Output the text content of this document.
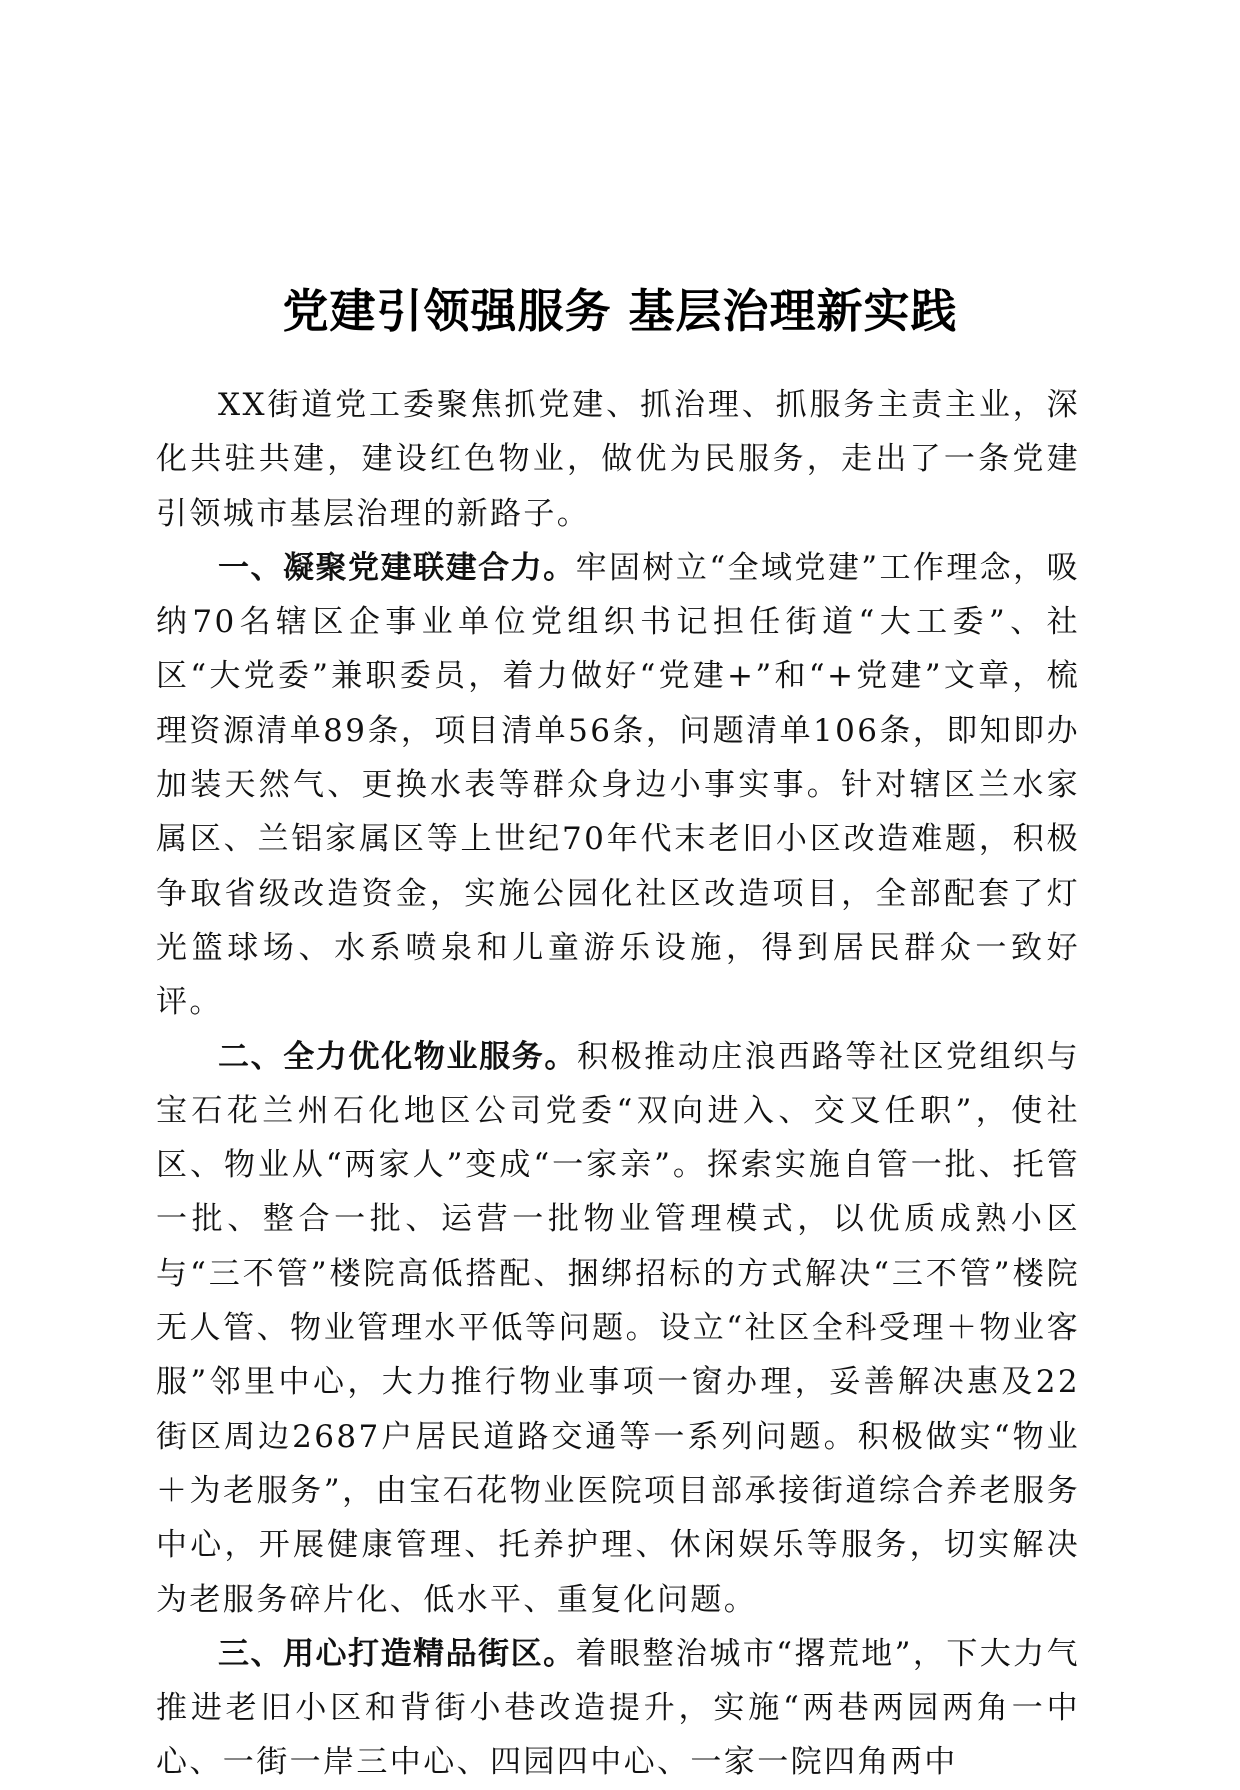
党建引领强服务 基层治理新实践

XX街道党工委聚焦抓党建、抓治理、抓服务主责主业，深化共驻共建，建设红色物业，做优为民服务，走出了一条党建引领城市基层治理的新路子。

一、凝聚党建联建合力。牢固树立“全域党建”工作理念，吸纳70名辖区企事业单位党组织书记担任街道“大工委”、社区“大党委”兼职委员，着力做好“党建+”和“+党建”文章，梳理资源清单89条，项目清单56条，问题清单106条，即知即办加装天然气、更换水表等群众身边小事实事。针对辖区兰水家属区、兰铝家属区等上世纪70年代末老旧小区改造难题，积极争取省级改造资金，实施公园化社区改造项目，全部配套了灯光篮球场、水系喷泉和儿童游乐设施，得到居民群众一致好评。

二、全力优化物业服务。积极推动庄浪西路等社区党组织与宝石花兰州石化地区公司党委“双向进入、交叉任职”，使社区、物业从“两家人”变成“一家亲”。探索实施自管一批、托管一批、整合一批、运营一批物业管理模式，以优质成熟小区与“三不管”楼院高低搭配、捆绑招标的方式解决“三不管”楼院无人管、物业管理水平低等问题。设立“社区全科受理＋物业客服”邻里中心，大力推行物业事项一窗办理，妥善解决惠及22街区周边2687户居民道路交通等一系列问题。积极做实“物业＋为老服务”，由宝石花物业医院项目部承接街道综合养老服务中心，开展健康管理、托养护理、休闲娱乐等服务，切实解决为老服务碎片化、低水平、重复化问题。

三、用心打造精品街区。着眼整治城市“撂荒地”，下大力气推进老旧小区和背街小巷改造提升，实施“两巷两园两角一中心、一街一岸三中心、四园四中心、一家一院四角两中
